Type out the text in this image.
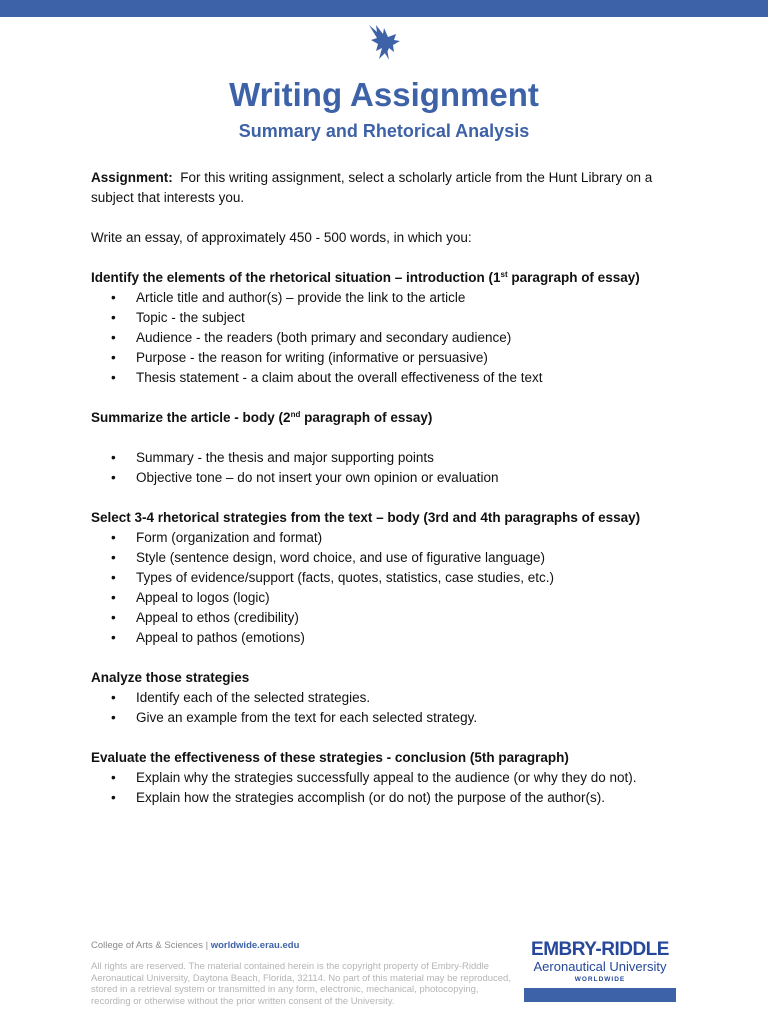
Writing Assignment
Summary and Rhetorical Analysis

Assignment: For this writing assignment, select a scholarly article from the Hunt Library on a subject that interests you.

Write an essay, of approximately 450 - 500 words, in which you:

Identify the elements of the rhetorical situation – introduction (1st paragraph of essay)

• Article title and author(s) – provide the link to the article
• Topic - the subject
• Audience - the readers (both primary and secondary audience)
• Purpose - the reason for writing (informative or persuasive)
• Thesis statement - a claim about the overall effectiveness of the text

Summarize the article - body (2nd paragraph of essay)

• Summary - the thesis and major supporting points
• Objective tone – do not insert your own opinion or evaluation

Select 3-4 rhetorical strategies from the text – body (3rd and 4th paragraphs of essay)

• Form (organization and format)
• Style (sentence design, word choice, and use of figurative language)
• Types of evidence/support (facts, quotes, statistics, case studies, etc.)
• Appeal to logos (logic)
• Appeal to ethos (credibility)
• Appeal to pathos (emotions)

Analyze those strategies

• Identify each of the selected strategies.
• Give an example from the text for each selected strategy.

Evaluate the effectiveness of these strategies - conclusion (5th paragraph)

• Explain why the strategies successfully appeal to the audience (or why they do not).
• Explain how the strategies accomplish (or do not) the purpose of the author(s).
College of Arts & Sciences | worldwide.erau.edu
All rights are reserved. The material contained herein is the copyright property of Embry-Riddle Aeronautical University, Daytona Beach, Florida, 32114. No part of this material may be reproduced, stored in a retrieval system or transmitted in any form, electronic, mechanical, photocopying, recording or otherwise without the prior written consent of the University.
EMBRY-RIDDLE
Aeronautical University
WORLDWIDE
